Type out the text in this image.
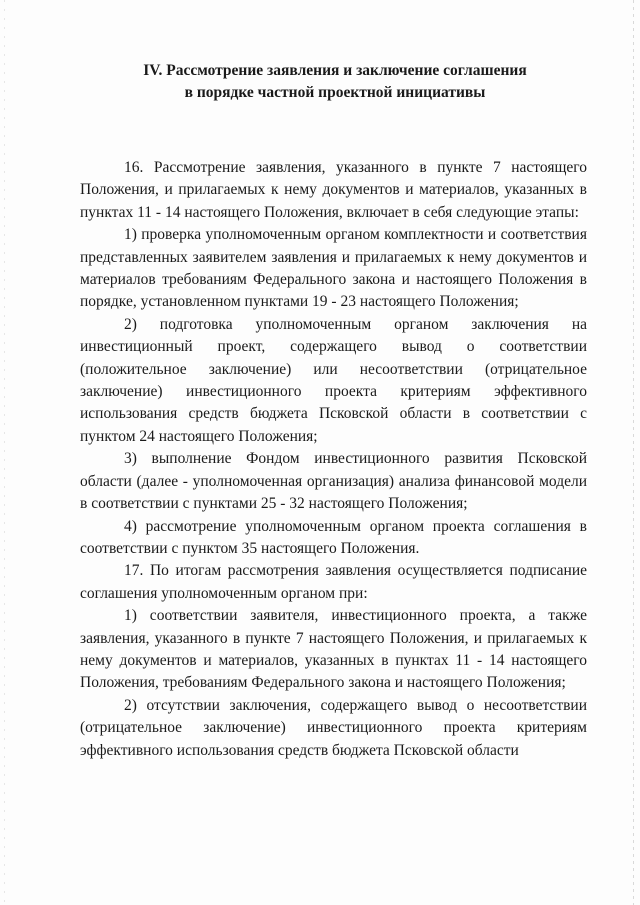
IV. Рассмотрение заявления и заключение соглашения
в порядке частной проектной инициативы

16. Рассмотрение заявления, указанного в пункте 7 настоящего Положения, и прилагаемых к нему документов и материалов, указанных в пунктах 11 - 14 настоящего Положения, включает в себя следующие этапы:

1) проверка уполномоченным органом комплектности и соответствия представленных заявителем заявления и прилагаемых к нему документов и материалов требованиям Федерального закона и настоящего Положения в порядке, установленном пунктами 19 - 23 настоящего Положения;

2) подготовка уполномоченным органом заключения на инвестиционный проект, содержащего вывод о соответствии (положительное заключение) или несоответствии (отрицательное заключение) инвестиционного проекта критериям эффективного использования средств бюджета Псковской области в соответствии с пунктом 24 настоящего Положения;

3) выполнение Фондом инвестиционного развития Псковской области (далее - уполномоченная организация) анализа финансовой модели в соответствии с пунктами 25 - 32 настоящего Положения;

4) рассмотрение уполномоченным органом проекта соглашения в соответствии с пунктом 35 настоящего Положения.

17. По итогам рассмотрения заявления осуществляется подписание соглашения уполномоченным органом при:

1) соответствии заявителя, инвестиционного проекта, а также заявления, указанного в пункте 7 настоящего Положения, и прилагаемых к нему документов и материалов, указанных в пунктах 11 - 14 настоящего Положения, требованиям Федерального закона и настоящего Положения;

2) отсутствии заключения, содержащего вывод о несоответствии (отрицательное заключение) инвестиционного проекта критериям эффективного использования средств бюджета Псковской области
